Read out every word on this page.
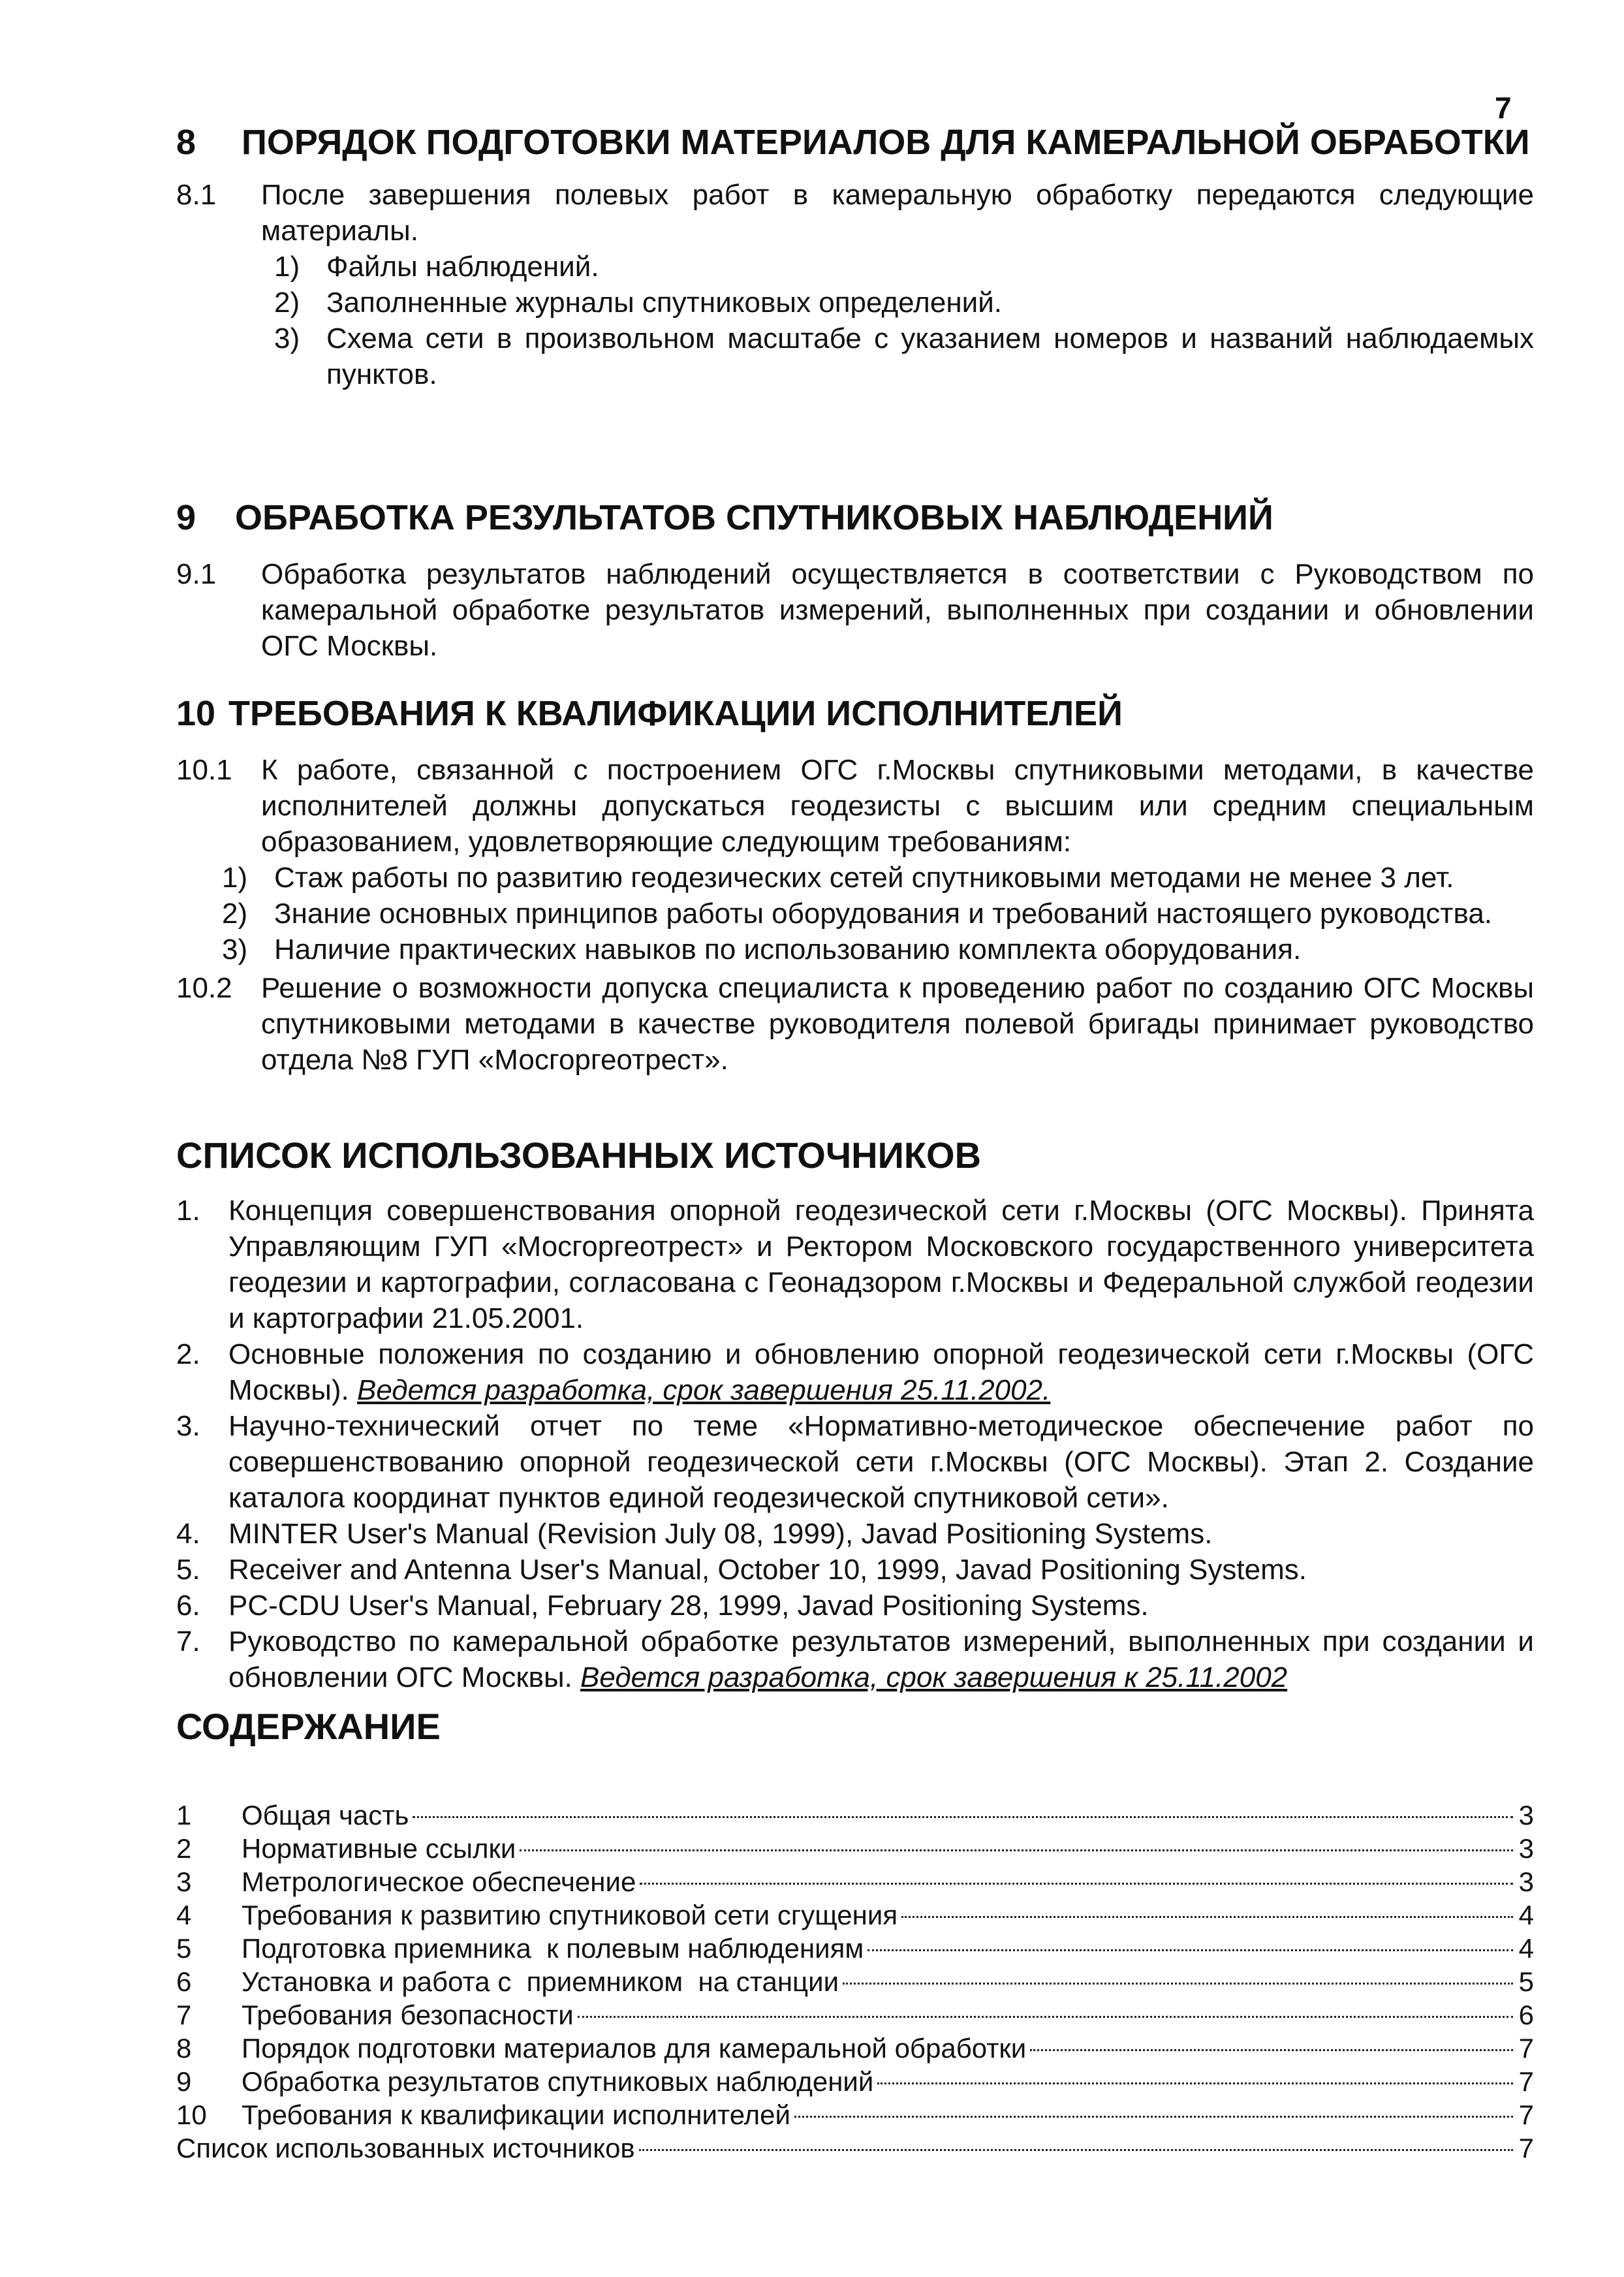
7
8	ПОРЯДОК ПОДГОТОВКИ МАТЕРИАЛОВ ДЛЯ КАМЕРАЛЬНОЙ ОБРАБОТКИ
8.1	После завершения полевых работ в камеральную обработку передаются следующие материалы.
1) Файлы наблюдений.
2) Заполненные журналы спутниковых определений.
3) Схема сети в произвольном масштабе с указанием номеров и названий наблюдаемых пунктов.
9	ОБРАБОТКА РЕЗУЛЬТАТОВ СПУТНИКОВЫХ НАБЛЮДЕНИЙ
9.1	Обработка результатов наблюдений осуществляется в соответствии с Руководством по камеральной обработке результатов измерений, выполненных при создании и обновлении ОГС Москвы.
10 ТРЕБОВАНИЯ К КВАЛИФИКАЦИИ ИСПОЛНИТЕЛЕЙ
10.1	К работе, связанной с построением ОГС г.Москвы спутниковыми методами, в качестве исполнителей должны допускаться геодезисты с высшим или средним специальным образованием, удовлетворяющие следующим требованиям:
1) Стаж работы по развитию геодезических сетей спутниковыми методами не менее 3 лет.
2) Знание основных принципов работы оборудования и требований настоящего руководства.
3) Наличие практических навыков по использованию комплекта оборудования.
10.2	Решение о возможности допуска специалиста к проведению работ по созданию ОГС Москвы спутниковыми методами в качестве руководителя полевой бригады принимает руководство отдела №8 ГУП «Мосгоргеотрест».
СПИСОК ИСПОЛЬЗОВАННЫХ ИСТОЧНИКОВ
1. Концепция совершенствования опорной геодезической сети г.Москвы (ОГС Москвы). Принята Управляющим ГУП «Мосгоргеотрест» и Ректором Московского государственного университета геодезии и картографии, согласована с Геонадзором г.Москвы и Федеральной службой геодезии и картографии 21.05.2001.
2. Основные положения по созданию и обновлению опорной геодезической сети г.Москвы (ОГС Москвы). Ведется разработка, срок завершения 25.11.2002.
3. Научно-технический отчет по теме «Нормативно-методическое обеспечение работ по совершенствованию опорной геодезической сети г.Москвы (ОГС Москвы). Этап 2. Создание каталога координат пунктов единой геодезической спутниковой сети».
4. MINTER User's Manual (Revision July 08, 1999), Javad Positioning Systems.
5. Receiver and Antenna User's Manual, October 10, 1999, Javad Positioning Systems.
6. PC-CDU User's Manual, February 28, 1999, Javad Positioning Systems.
7. Руководство по камеральной обработке результатов измерений, выполненных при создании и обновлении ОГС Москвы. Ведется разработка, срок завершения к 25.11.2002
СОДЕРЖАНИЕ
1	Общая часть	3
2	Нормативные ссылки	3
3	Метрологическое обеспечение	3
4	Требования к развитию спутниковой сети сгущения	4
5	Подготовка приемника  к полевым наблюдениям	4
6	Установка и работа с  приемником  на станции	5
7	Требования безопасности	6
8	Порядок подготовки материалов для камеральной обработки	7
9	Обработка результатов спутниковых наблюдений	7
10	Требования к квалификации исполнителей	7
Список использованных источников	7
